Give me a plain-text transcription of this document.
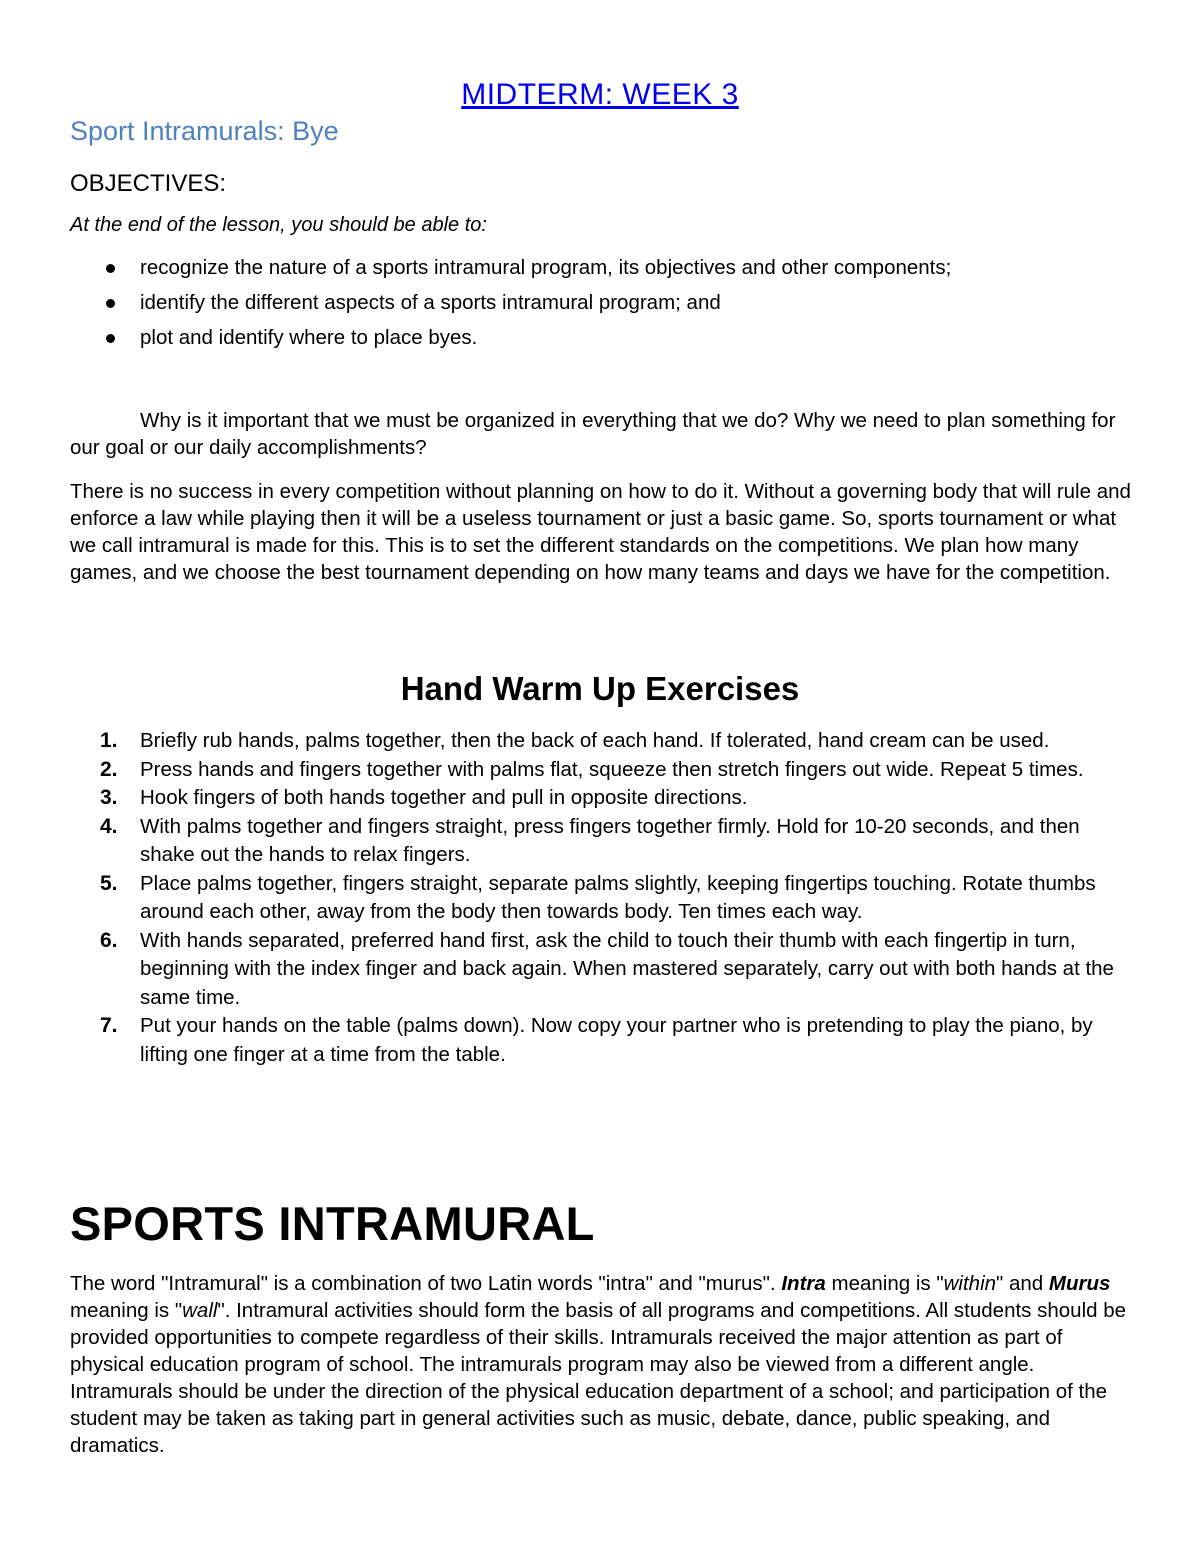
MIDTERM: WEEK 3
Sport Intramurals: Bye
OBJECTIVES:
At the end of the lesson, you should be able to:
recognize the nature of a sports intramural program, its objectives and other components;
identify the different aspects of a sports intramural program; and
plot and identify where to place byes.

Why is it important that we must be organized in everything that we do? Why we need to plan something for our goal or our daily accomplishments?

There is no success in every competition without planning on how to do it. Without a governing body that will rule and enforce a law while playing then it will be a useless tournament or just a basic game. So, sports tournament or what we call intramural is made for this. This is to set the different standards on the competitions. We plan how many games, and we choose the best tournament depending on how many teams and days we have for the competition.

Hand Warm Up Exercises
1. Briefly rub hands, palms together, then the back of each hand. If tolerated, hand cream can be used.
2. Press hands and fingers together with palms flat, squeeze then stretch fingers out wide. Repeat 5 times.
3. Hook fingers of both hands together and pull in opposite directions.
4. With palms together and fingers straight, press fingers together firmly. Hold for 10-20 seconds, and then shake out the hands to relax fingers.
5. Place palms together, fingers straight, separate palms slightly, keeping fingertips touching. Rotate thumbs around each other, away from the body then towards body. Ten times each way.
6. With hands separated, preferred hand first, ask the child to touch their thumb with each fingertip in turn, beginning with the index finger and back again. When mastered separately, carry out with both hands at the same time.
7. Put your hands on the table (palms down). Now copy your partner who is pretending to play the piano, by lifting one finger at a time from the table.
SPORTS INTRAMURAL

The word "Intramural" is a combination of two Latin words "intra" and "murus". Intra meaning is "within" and Murus meaning is "wall". Intramural activities should form the basis of all programs and competitions. All students should be provided opportunities to compete regardless of their skills. Intramurals received the major attention as part of physical education program of school. The intramurals program may also be viewed from a different angle. Intramurals should be under the direction of the physical education department of a school; and participation of the student may be taken as taking part in general activities such as music, debate, dance, public speaking, and dramatics.
